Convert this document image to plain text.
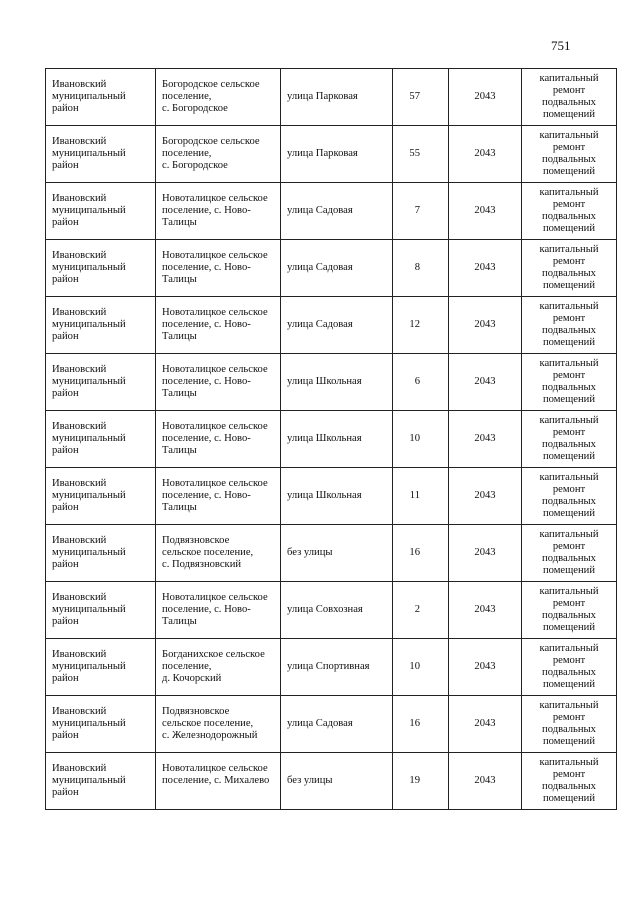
751
Ивановский
муниципальный
район	Богородское сельское
поселение,
с. Богородское	улица Парковая	57	2043	капитальный
ремонт
подвальных
помещений

Ивановский
муниципальный
район	Богородское сельское
поселение,
с. Богородское	улица Парковая	55	2043	капитальный
ремонт
подвальных
помещений

Ивановский
муниципальный
район	Новоталицкое сельское
поселение, с. Ново-
Талицы	улица Садовая	7	2043	капитальный
ремонт
подвальных
помещений

Ивановский
муниципальный
район	Новоталицкое сельское
поселение, с. Ново-
Талицы	улица Садовая	8	2043	капитальный
ремонт
подвальных
помещений

Ивановский
муниципальный
район	Новоталицкое сельское
поселение, с. Ново-
Талицы	улица Садовая	12	2043	капитальный
ремонт
подвальных
помещений

Ивановский
муниципальный
район	Новоталицкое сельское
поселение, с. Ново-
Талицы	улица Школьная	6	2043	капитальный
ремонт
подвальных
помещений

Ивановский
муниципальный
район	Новоталицкое сельское
поселение, с. Ново-
Талицы	улица Школьная	10	2043	капитальный
ремонт
подвальных
помещений

Ивановский
муниципальный
район	Новоталицкое сельское
поселение, с. Ново-
Талицы	улица Школьная	11	2043	капитальный
ремонт
подвальных
помещений

Ивановский
муниципальный
район	Подвязновское
сельское поселение,
с. Подвязновский	без улицы	16	2043	капитальный
ремонт
подвальных
помещений

Ивановский
муниципальный
район	Новоталицкое сельское
поселение, с. Ново-
Талицы	улица Совхозная	2	2043	капитальный
ремонт
подвальных
помещений

Ивановский
муниципальный
район	Богданихское сельское
поселение,
д. Кочорский	улица Спортивная	10	2043	капитальный
ремонт
подвальных
помещений

Ивановский
муниципальный
район	Подвязновское
сельское поселение,
с. Железнодорожный	улица Садовая	16	2043	капитальный
ремонт
подвальных
помещений

Ивановский
муниципальный
район	Новоталицкое сельское
поселение, с. Михалево	без улицы	19	2043	капитальный
ремонт
подвальных
помещений
